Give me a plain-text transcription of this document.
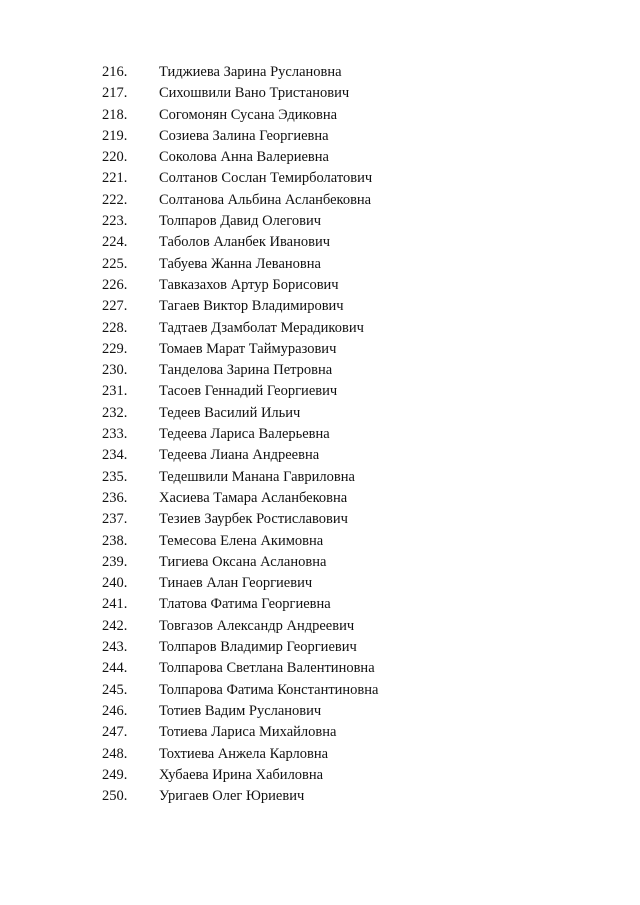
216.	Тиджиева Зарина Руслановна
217.	Сихошвили Вано Тристанович
218.	Согомонян Сусана Эдиковна
219.	Созиева Залина Георгиевна
220.	Соколова Анна Валериевна
221.	Солтанов Сослан Темирболатович
222.	Солтанова Альбина Асланбековна
223.	Толпаров Давид Олегович
224.	Таболов Аланбек Иванович
225.	Табуева Жанна Левановна
226.	Тавказахов Артур Борисович
227.	Тагаев Виктор Владимирович
228.	Тадтаев Дзамболат Мерадикович
229.	Томаев Марат Таймуразович
230.	Танделова Зарина Петровна
231.	Тасоев Геннадий Георгиевич
232.	Тедеев Василий Ильич
233.	Тедеева Лариса Валерьевна
234.	Тедеева Лиана Андреевна
235.	Тедешвили Манана Гавриловна
236.	Хасиева Тамара Асланбековна
237.	Тезиев Заурбек Ростиславович
238.	Темесова Елена Акимовна
239.	Тигиева Оксана Аслановна
240.	Тинаев Алан Георгиевич
241.	Тлатова Фатима Георгиевна
242.	Товгазов Александр Андреевич
243.	Толпаров Владимир Георгиевич
244.	Толпарова Светлана Валентиновна
245.	Толпарова Фатима Константиновна
246.	Тотиев Вадим Русланович
247.	Тотиева Лариса Михайловна
248.	Тохтиева Анжела Карловна
249.	Хубаева Ирина Хабиловна
250.	Уригаев Олег Юриевич
